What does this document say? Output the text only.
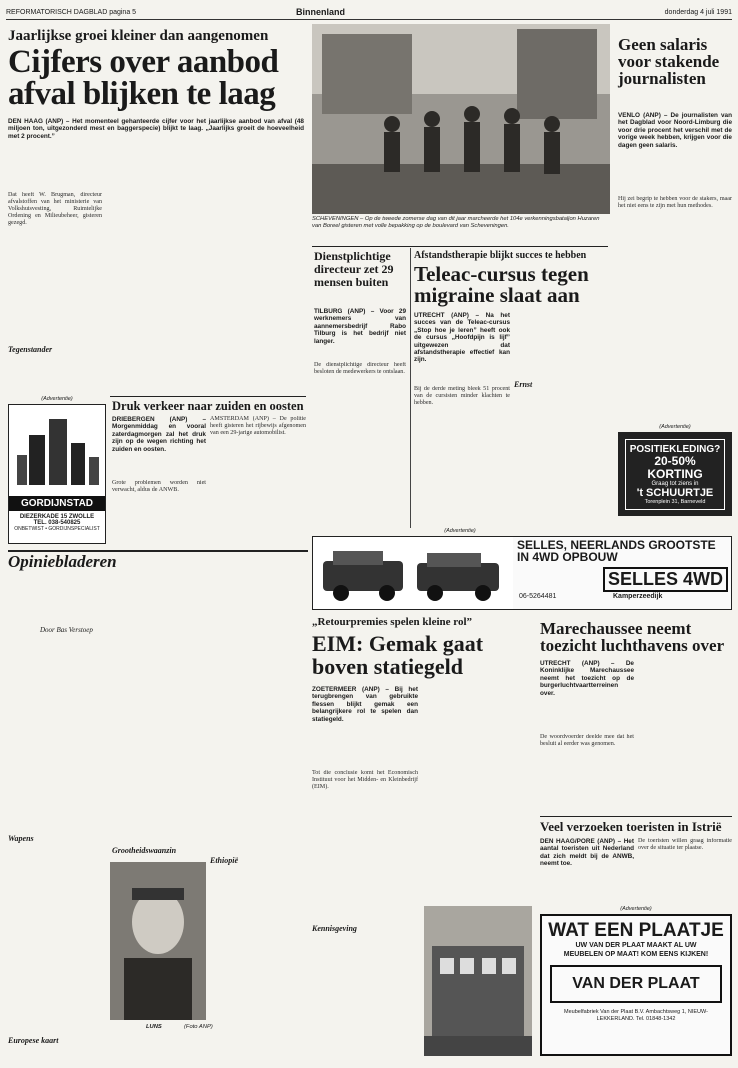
REFORMATORISCH DAGBLAD pagina 5	Binnenland	donderdag 4 juli 1991
Jaarlijkse groei kleiner dan aangenomen
Cijfers over aanbod afval blijken te laag
DEN HAAG (ANP) – Het momenteel gehanteerde cijfer voor het jaarlijkse aanbod van afval (48 miljoen ton, uitgezonderd mest en baggerspecie) blijkt te laag. „Jaarlijks groeit de hoeveelheid met 2 procent.”
Dat heeft W. Brugman, directeur afvalstoffen van het ministerie van Volkshuisvesting, Ruimtelijke Ordening en Milieubeheer, gisteren gezegd.
Tegenstander
SCHEVENINGEN – Op de tweede zomerse dag van dit jaar marcheerde het 104e verkenningsbataljon Huzaren van Boreel gisteren met volle bepakking op de boulevard van Scheveningen.
Geen salaris voor stakende journalisten
VENLO (ANP) – De journalisten van het Dagblad voor Noord-Limburg die voor drie procent het verschil met de vorige week hebben, krijgen voor die dagen geen salaris.
Hij zei begrip te hebben voor de stakers, maar het niet eens te zijn met hun methodes.
(Advertentie)
POSITIEKLEDING?
20-50% KORTING
Graag tot ziens in
't SCHUURTJE
Torenplein 31, Barneveld
Dienstplichtige directeur zet 29 mensen buiten
TILBURG (ANP) – Voor 29 werknemers van aannemersbedrijf Rabo Tilburg is het bedrijf niet langer.
De dienstplichtige directeur heeft besloten de medewerkers te ontslaan.
Afstandstherapie blijkt succes te hebben
Teleac-cursus tegen migraine slaat aan
UTRECHT (ANP) – Na het succes van de Teleac-cursus „Stop hoe je leren” heeft ook de cursus „Hoofdpijn is lijf” uitgewezen dat afstandstherapie effectief kan zijn.
Bij de derde meting bleek 51 procent van de cursisten minder klachten te hebben.
Ernst
(Advertentie)
GORDIJNSTAD
DIEZERKADE 15 ZWOLLE
TEL. 038-540825
ONBETWIST • GORDIJNSPECIALIST
Druk verkeer naar zuiden en oosten
DRIEBERGEN (ANP) – Morgenmiddag en vooral zaterdagmorgen zal het druk zijn op de wegen richting het zuiden en oosten.
Grote problemen worden niet verwacht, aldus de ANWB.
AMSTERDAM (ANP) – De politie heeft gisteren het rijbewijs afgenomen van een 29-jarige automobilist.
(Advertentie)
SELLES, NEERLANDS GROOTSTE IN 4WD OPBOUW
SELLES 4WD
Kamperzeedijk
06-5264481
Opiniebladeren
Door Bas Verstoep
Wapens
Europese kaart
Grootheidswaanzin
Ethiopië
LUNS	(Foto ANP)
„Retourpremies spelen kleine rol”
EIM: Gemak gaat boven statiegeld
ZOETERMEER (ANP) – Bij het terugbrengen van gebruikte flessen blijkt gemak een belangrijkere rol te spelen dan statiegeld.
Tot die conclusie komt het Economisch Instituut voor het Midden- en Kleinbedrijf (EIM).
Kennisgeving
Marechaussee neemt toezicht luchthavens over
UTRECHT (ANP) – De Koninklijke Marechaussee neemt het toezicht op de burgerluchtvaartterreinen over.
De woordvoerder deelde mee dat het besluit al eerder was genomen.
Veel verzoeken toeristen in Istrië
DEN HAAG/PORE (ANP) – Het aantal toeristen uit Nederland dat zich meldt bij de ANWB, neemt toe.
De toeristen willen graag informatie over de situatie ter plaatse.
(Advertentie)
WAT EEN PLAATJE
UW VAN DER PLAAT MAAKT AL UW MEUBELEN OP MAAT! KOM EENS KIJKEN!
VAN DER PLAAT
Meubelfabriek Van der Plaat B.V. Ambachtsweg 1, NIEUW-LEKKERLAND. Tel. 01848-1342
